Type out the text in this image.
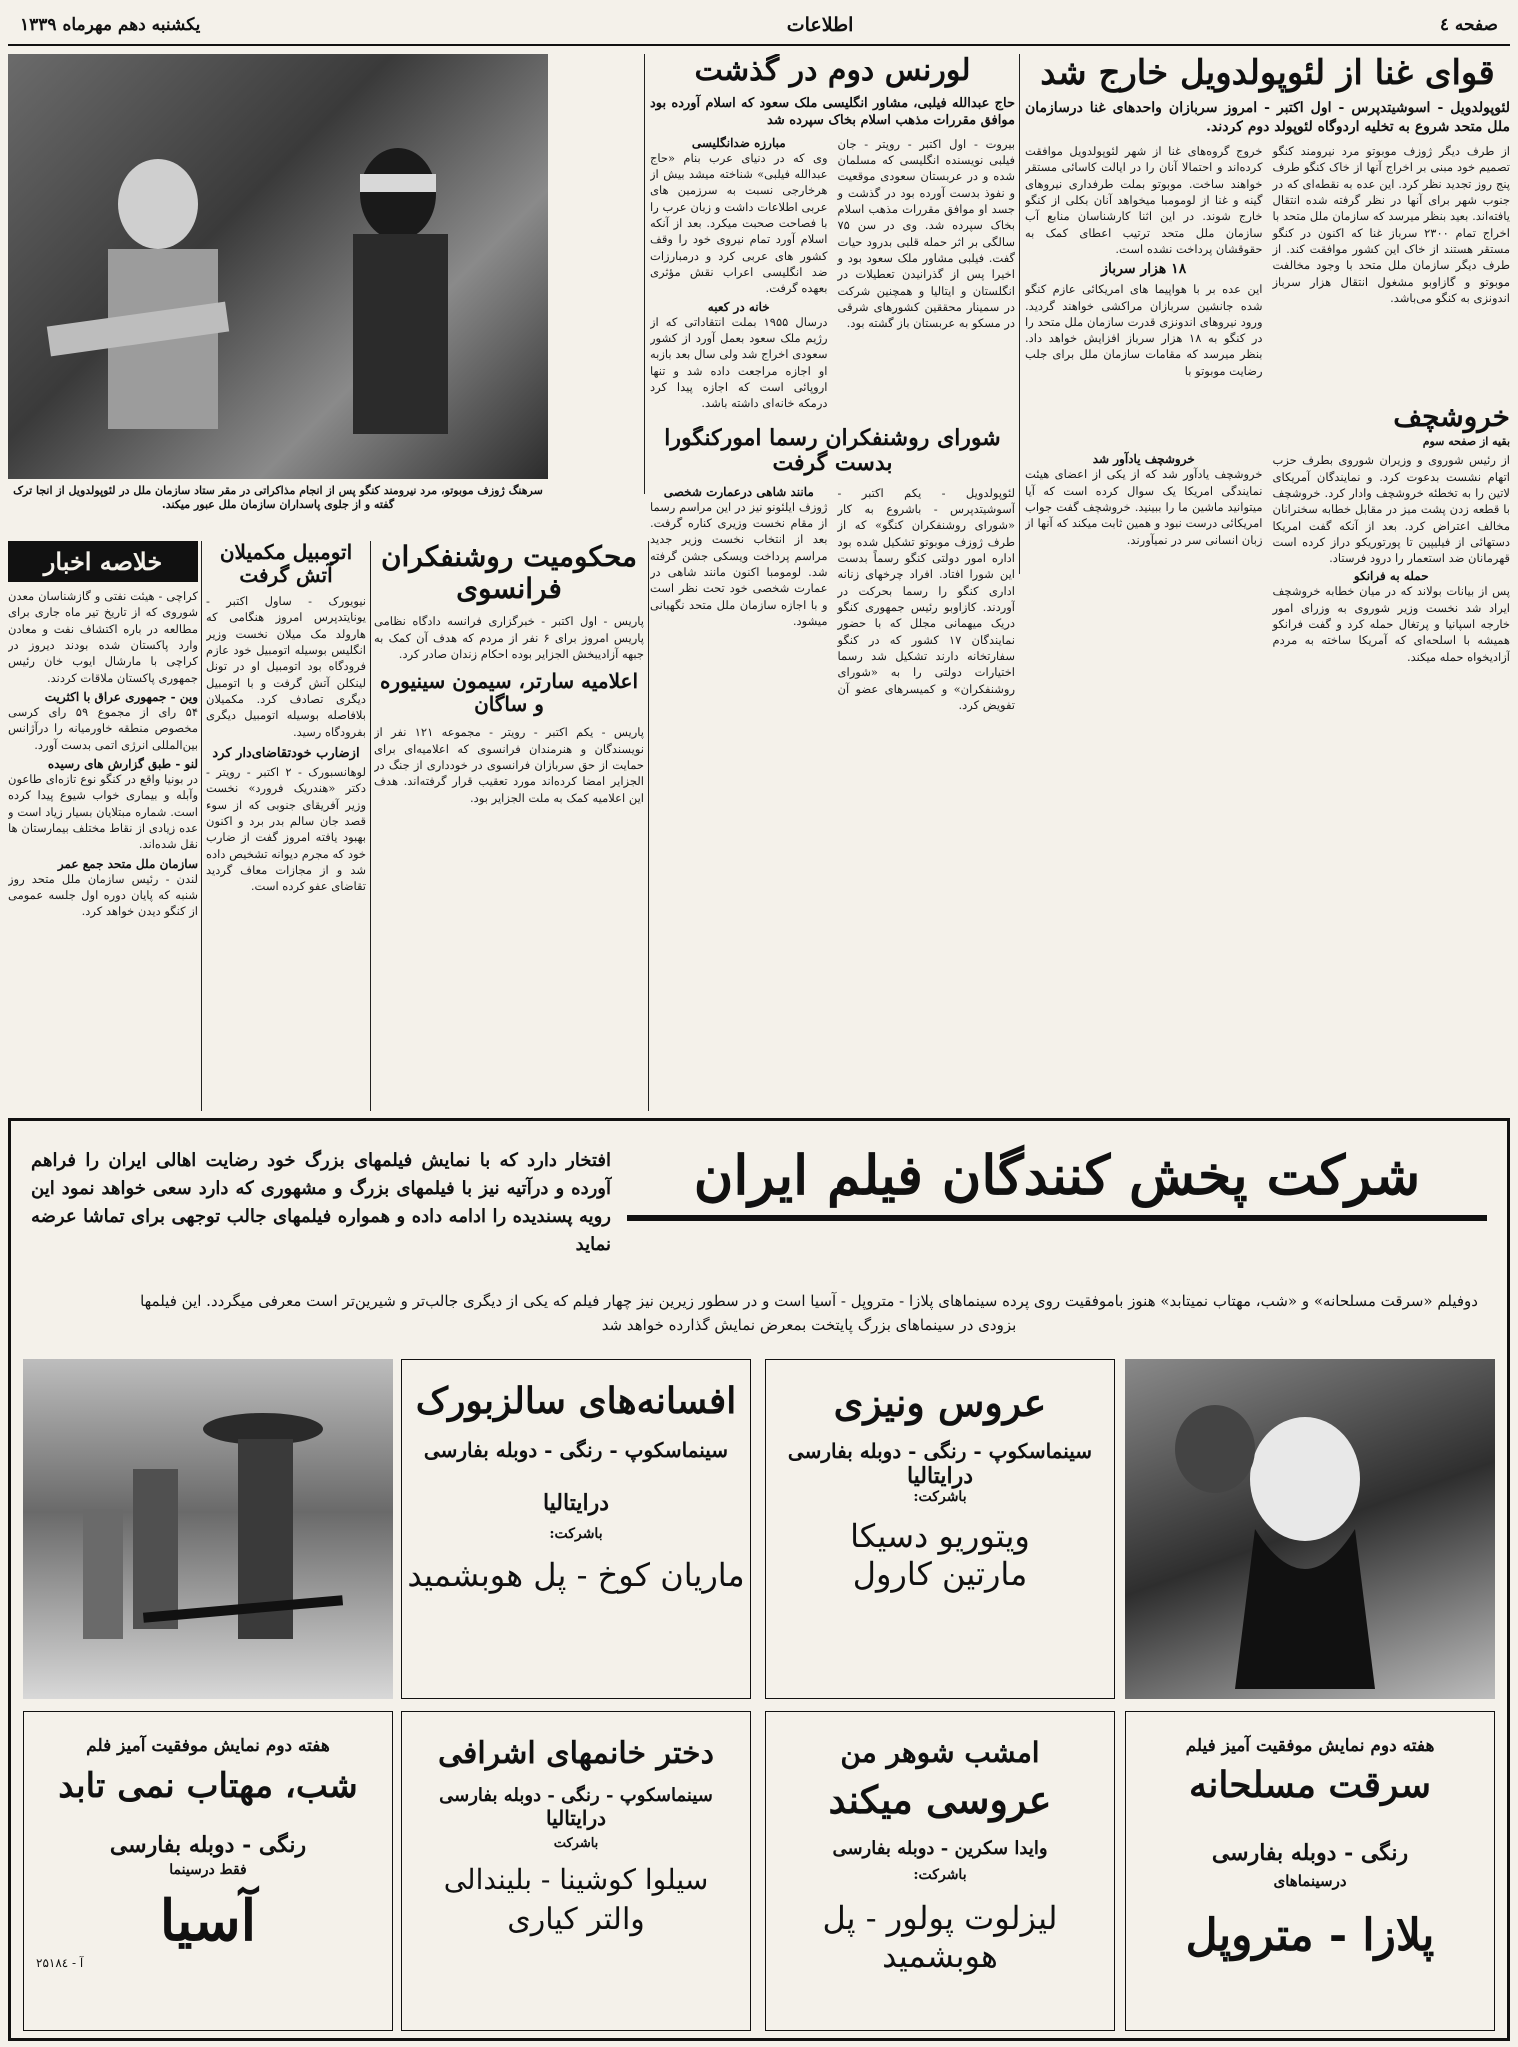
صفحه ٤
اطلاعات
یکشنبه دهم مهرماه ۱۳۳۹
قوای غنا از لئوپولدویل خارج شد
لئوپولدویل - اسوشیتدپرس - اول اکتبر - امروز سربازان واحدهای غنا درسازمان ملل متحد شروع به تخلیه اردوگاه لئوپولد دوم کردند.
از طرف دیگر ژوزف موبوتو مرد نیرومند کنگو تصمیم خود مبنی بر اخراج آنها از خاک کنگو طرف پنج روز تجدید نظر کرد. این عده به نقطه‌ای که در جنوب شهر برای آنها در نظر گرفته شده انتقال یافته‌اند. بعید بنظر میرسد که سازمان ملل متحد با اخراج تمام ۲۳۰۰ سرباز غنا که اکنون در کنگو مستقر هستند از خاک این کشور موافقت کند. از طرف دیگر سازمان ملل متحد با وجود مخالفت موبوتو و گازاوبو مشغول انتقال هزار سرباز اندونزی به کنگو می‌باشد.
خروج گروه‌های غنا از شهر لئوپولدویل موافقت کرده‌اند و احتمالا آنان را در ایالت کاسائی مستقر خواهند ساخت. موبوتو بملت طرفداری نیروهای گینه و غنا از لومومبا میخواهد آنان بکلی از کنگو خارج شوند. در این اثنا کارشناسان منابع آب سازمان ملل متحد ترتیب اعطای کمک به حقوقشان پرداخت نشده است.
۱۸ هزار سرباز
این عده بر با هواپیما های امریکائی عازم کنگو شده جانشین سربازان مراکشی خواهند گردید. ورود نیروهای اندونزی قدرت سازمان ملل متحد را در کنگو به ۱۸ هزار سرباز افزایش خواهد داد. بنظر میرسد که مقامات سازمان ملل برای جلب رضایت موبوتو با
لورنس دوم در گذشت
حاج عبدالله فیلبی، مشاور انگلیسی ملک سعود که اسلام آورده بود موافق مقررات مذهب اسلام بخاک سپرده شد
بیروت - اول اکتبر - رویتر - جان فیلبی نویسنده انگلیسی که مسلمان شده و در عربستان سعودی موقعیت و نفوذ بدست آورده بود در گذشت و جسد او موافق مقررات مذهب اسلام بخاک سپرده شد. وی در سن ۷۵ سالگی بر اثر حمله قلبی بدرود حیات گفت. فیلبی مشاور ملک سعود بود و اخیرا پس از گذرانیدن تعطیلات در انگلستان و ایتالیا و همچنین شرکت در سمینار محققین کشورهای شرقی در مسکو به عربستان باز گشته بود.
مبارزه ضدانگلیسی
وی که در دنیای عرب بنام «حاج عبدالله فیلبی» شناخته میشد بیش از هرخارجی نسبت به سرزمین های عربی اطلاعات داشت و زبان عرب را با فصاحت صحبت میکرد. بعد از آنکه اسلام آورد تمام نیروی خود را وقف کشور های عربی کرد و درمبارزات ضد انگلیسی اعراب نقش مؤثری بعهده گرفت.
خانه در کعبه
درسال ۱۹۵۵ بملت انتقاداتی که از رژیم ملک سعود بعمل آورد از کشور سعودی اخراج شد ولی سال بعد بازبه او اجازه مراجعت داده شد و تنها اروپائی است که اجازه پیدا کرد درمکه خانه‌ای داشته باشد.
سرهنگ ژوزف موبوتو، مرد نیرومند کنگو پس از انجام مذاکراتی در مقر ستاد سازمان ملل در لئوپولدویل از انجا ترک گفته و از جلوی پاسداران سازمان ملل عبور میکند.
شورای روشنفکران رسما امورکنگورا بدست گرفت
لئوپولدویل - یکم اکتبر - آسوشیتدپرس - باشروع به کار «شورای روشنفکران کنگو» که از طرف ژوزف موبوتو تشکیل شده بود اداره امور دولتی کنگو رسماً بدست این شورا افتاد. افراد چرخهای زنانه اداری کنگو را رسما بحرکت در آوردند. کازاوبو رئیس جمهوری کنگو دریک میهمانی مجلل که با حضور نمایندگان ۱۷ کشور که در کنگو سفارتخانه دارند تشکیل شد رسما اختیارات دولتی را به «شورای روشنفکران» و کمیسرهای عضو آن تفویض کرد.
مانند شاهی درعمارت شخصی
ژوزف ایلئونو نیز در این مراسم رسما از مقام نخست وزیری کناره گرفت. بعد از انتخاب نخست وزیر جدید مراسم پرداخت ویسکی جشن گرفته شد. لومومبا اکنون مانند شاهی در عمارت شخصی خود تحت نظر است و با اجازه سازمان ملل متحد نگهبانی میشود.
خروشچف
بقیه از صفحه سوم
از رئیس شوروی و وزیران شوروی بطرف حزب اتهام نشست بدعوت کرد. و نمایندگان آمریکای لاتین را به تخطئه خروشچف وادار کرد. خروشچف با قطعه زدن پشت میز در مقابل خطابه سخنرانان مخالف اعتراض کرد. بعد از آنکه گفت امریکا دستهائی از فیلیپین تا پورتوریکو دراز کرده است قهرمانان ضد استعمار را درود فرستاد.
حمله به فرانکو
پس از بیانات بولاند که در میان خطابه خروشچف ایراد شد نخست وزیر شوروی به وزرای امور خارجه اسپانیا و پرتغال حمله کرد و گفت فرانکو همیشه با اسلحه‌ای که آمریکا ساخته به مردم آزادیخواه حمله میکند.
خروشچف یادآور شد
خروشچف یادآور شد که از یکی از اعضای هیئت نمایندگی امریکا یک سوال کرده است که آیا میتوانید ماشین ما را ببینید. خروشچف گفت جواب امریکائی درست نبود و همین ثابت میکند که آنها از زبان انسانی سر در نمیآورند.
خلاصه اخبار
کراچی - هیئت نفتی و گازشناسان معدن شوروی که از تاریخ تیر ماه جاری برای مطالعه در باره اکتشاف نفت و معادن وارد پاکستان شده بودند دیروز در کراچی با مارشال ایوب خان رئیس جمهوری پاکستان ملاقات کردند.
وین - جمهوری عراق با اکثریت
۵۴ رای از مجموع ۵۹ رای کرسی مخصوص منطقه خاورمیانه را درآژانس بین‌المللی انرژی اتمی بدست آورد.
لنو - طبق گزارش های رسیده
در بونیا واقع در کنگو نوع تازه‌ای طاعون وآبله و بیماری خواب شیوع پیدا کرده است. شماره مبتلایان بسیار زیاد است و عده زیادی از نقاط مختلف بیمارستان ها نقل شده‌اند.
سازمان ملل متحد جمع عمر
لندن - رئیس سازمان ملل متحد روز شنبه که پایان دوره اول جلسه عمومی از کنگو دیدن خواهد کرد.
اتومبیل مکمیلان آتش گرفت
نیویورک - ساول اکتبر - یونایتدپرس امروز هنگامی که هارولد مک میلان نخست وزیر انگلیس بوسیله اتومبیل خود عازم فرودگاه بود اتومبیل او در تونل لینکلن آتش گرفت و با اتومبیل دیگری تصادف کرد. مکمیلان بلافاصله بوسیله اتومبیل دیگری بفرودگاه رسید.
ازضارب خودتقاضای‌دار کرد
لوهانسبورک - ۲ اکتبر - رویتر - دکتر «هندریک فرورد» نخست وزیر آفریقای جنوبی که از سوء قصد جان سالم بدر برد و اکنون بهبود یافته امروز گفت از ضارب خود که مجرم دیوانه تشخیص داده شد و از مجازات معاف گردید تقاضای عفو کرده است.
محکومیت روشنفکران فرانسوی
پاریس - اول اکتبر - خبرگزاری فرانسه دادگاه نظامی پاریس امروز برای ۶ نفر از مردم که هدف آن کمک به جبهه آزادیبخش الجزایر بوده احکام زندان صادر کرد.
اعلامیه سارتر، سیمون سینیوره و ساگان
پاریس - یکم اکتبر - رویتر - مجموعه ۱۲۱ نفر از نویسندگان و هنرمندان فرانسوی که اعلامیه‌ای برای حمایت از حق سربازان فرانسوی در خودداری از جنگ در الجزایر امضا کرده‌اند مورد تعقیب قرار گرفته‌اند. هدف این اعلامیه کمک به ملت الجزایر بود.
شرکت پخش کنندگان فیلم ایران
افتخار دارد که با نمایش فیلمهای بزرگ خود رضایت اهالی ایران را فراهم آورده و درآتیه نیز با فیلمهای بزرگ و مشهوری که دارد سعی خواهد نمود این رویه پسندیده را ادامه داده و همواره فیلمهای جالب توجهی برای تماشا عرضه نماید
دوفیلم «سرقت مسلحانه» و «شب، مهتاب نمیتابد» هنوز باموفقیت روی پرده سینماهای پلازا - متروپل - آسیا است و در سطور زیرین نیز چهار فیلم که یکی از دیگری جالب‌تر و شیرین‌تر است معرفی میگردد. این فیلمها بزودی در سینماهای بزرگ پایتخت بمعرض نمایش گذارده خواهد شد
عروس ونیزی
سینماسکوپ - رنگی - دوبله بفارسی
درایتالیا
باشرکت:
ویتوریو دسیکا
مارتین کارول
افسانه‌های سالزبورک
سینماسکوپ - رنگی - دوبله بفارسی
درایتالیا
باشرکت:
ماریان کوخ - پل هوبشمید
هفته دوم نمایش موفقیت آمیز فیلم
سرقت مسلحانه
رنگی - دوبله بفارسی
درسینماهای
پلازا - متروپل
امشب شوهر من
عروسی میکند
وایدا سکرین - دوبله بفارسی
باشرکت:
لیزلوت پولور - پل هوبشمید
دختر خانمهای اشرافی
سینماسکوپ - رنگی - دوبله بفارسی
درایتالیا
باشرکت
سیلوا کوشینا - بلیندالی
والتر کیاری
هفته دوم نمایش موفقیت آمیز فلم
شب، مهتاب نمی تابد
رنگی - دوبله بفارسی
فقط درسینما
آسیا
آ - ۲۵۱۸٤
